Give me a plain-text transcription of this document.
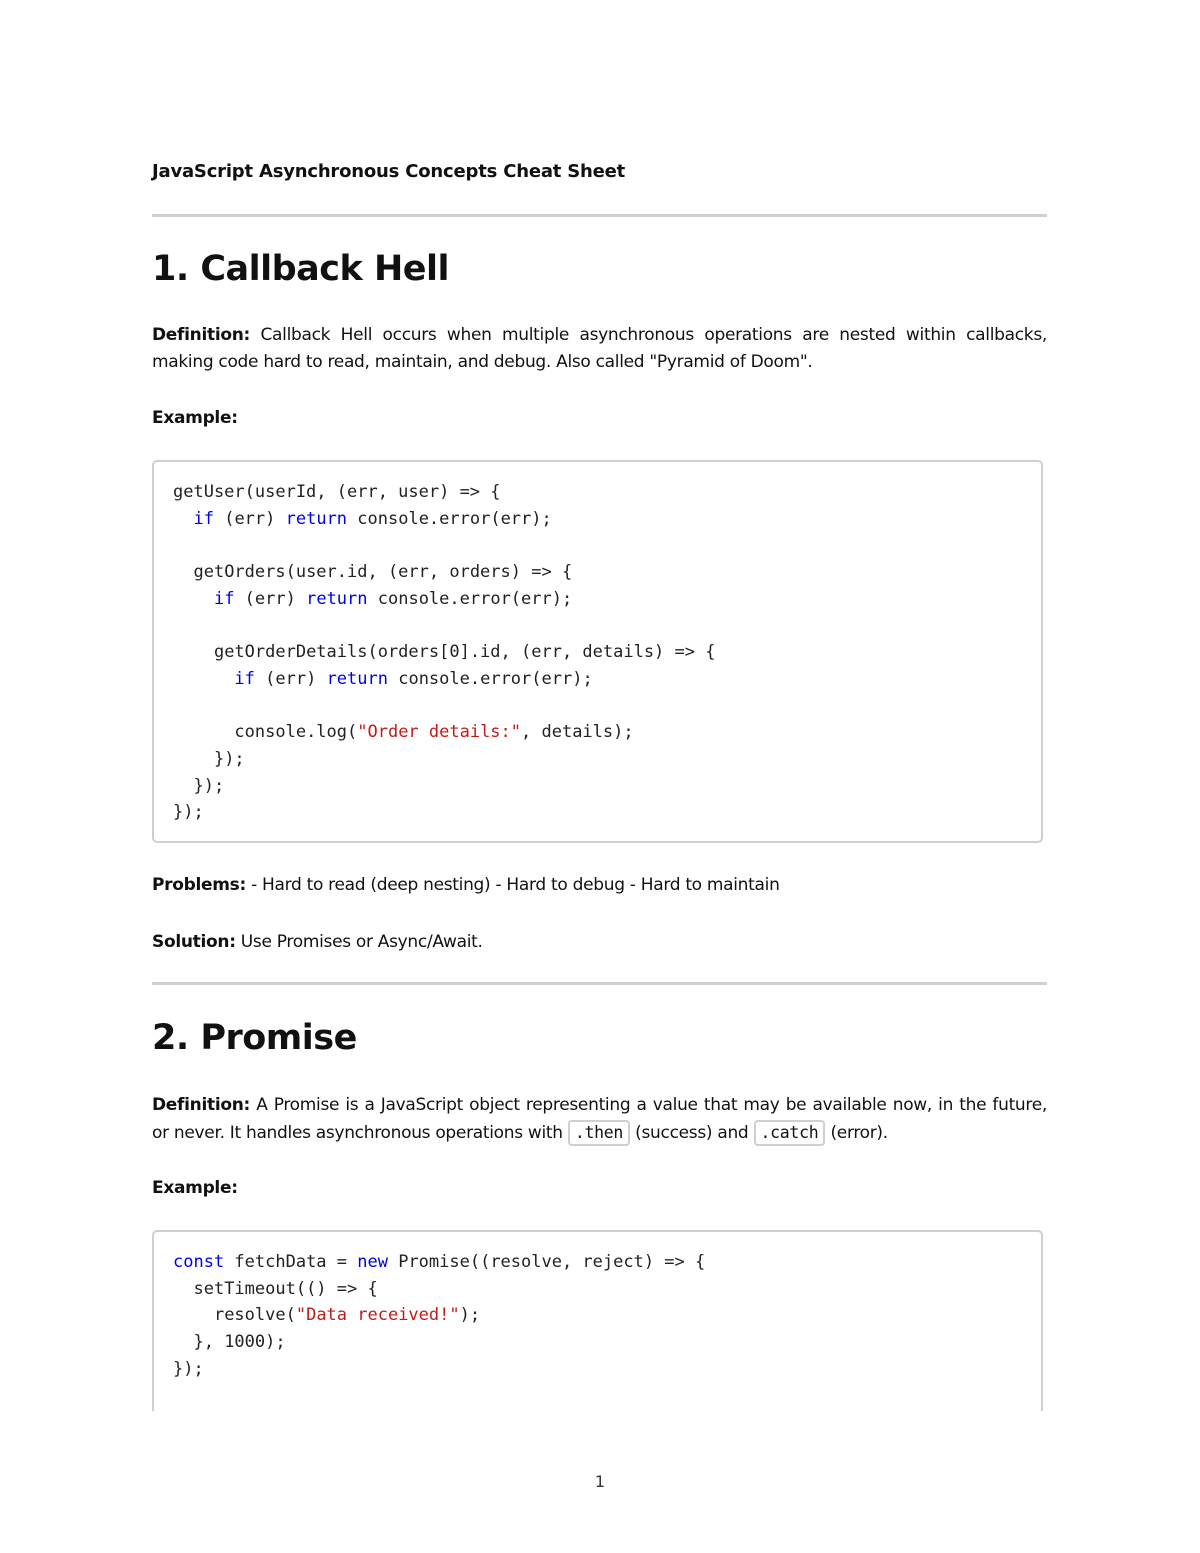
JavaScript Asynchronous Concepts Cheat Sheet

1. Callback Hell

Definition: Callback Hell occurs when multiple asynchronous operations are nested within callbacks, making code hard to read, maintain, and debug. Also called "Pyramid of Doom".

Example:

getUser(userId, (err, user) => {
if (err) return console.error(err);

getOrders(user.id, (err, orders) => {
if (err) return console.error(err);

getOrderDetails(orders[0].id, (err, details) => {
if (err) return console.error(err);

console.log("Order details:", details);
});
});
});

Problems: - Hard to read (deep nesting) - Hard to debug - Hard to maintain

Solution: Use Promises or Async/Await.

2. Promise

Definition: A Promise is a JavaScript object representing a value that may be available now, in the future, or never. It handles asynchronous operations with .then (success) and .catch (error).

Example:

const fetchData = new Promise((resolve, reject) => {
setTimeout(() => {
resolve("Data received!");
}, 1000);
});
1
